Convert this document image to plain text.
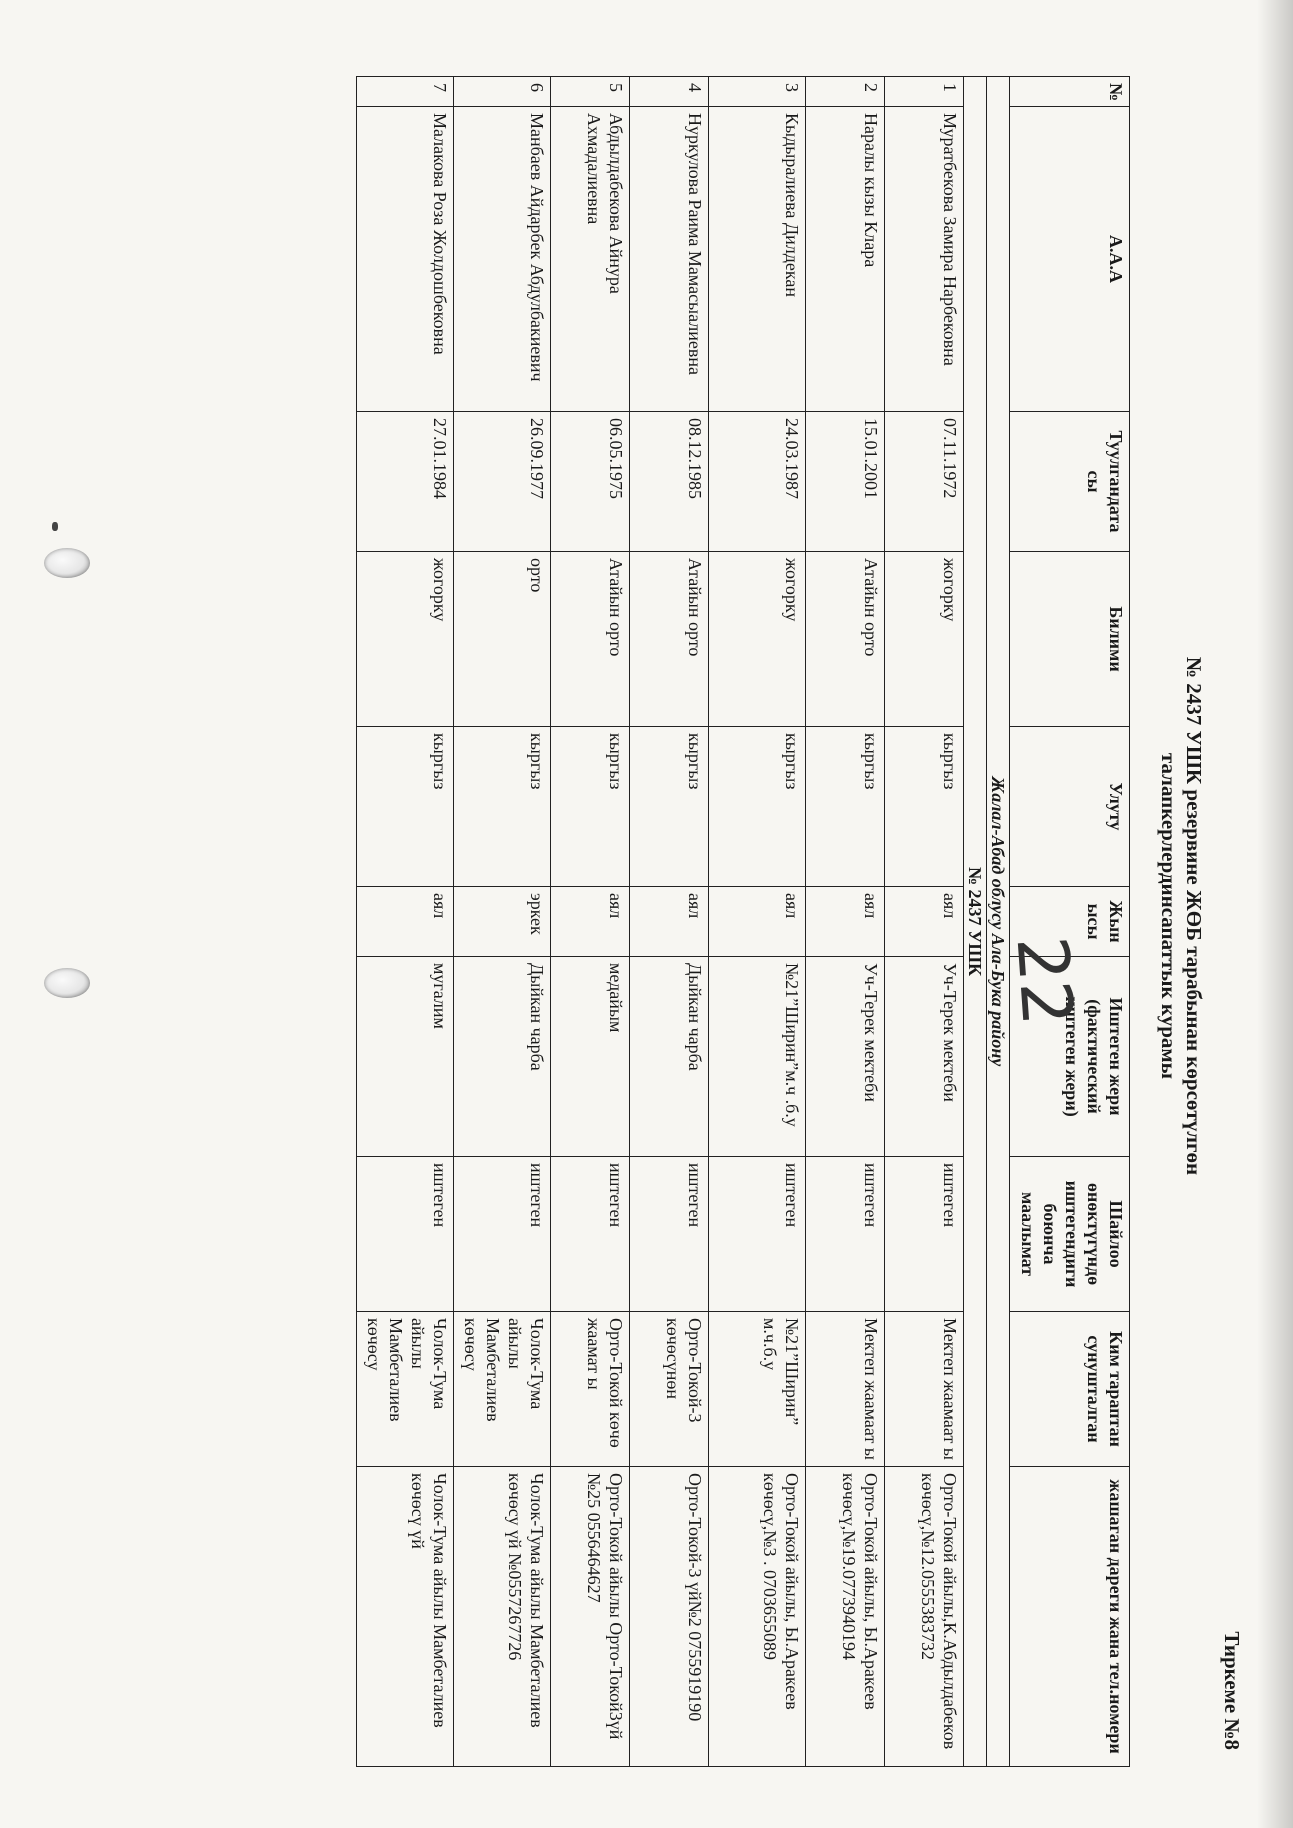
Тиркеме №8
№ 2437 УШК резервине ЖӨБ тарабынан көрсөтүлгөн
талапкерлердинсапаттык курамы
№	А.А.А	Туулгандата сы	Билими	Улуту	Жын ысы	Иштеген жери (фактический иштеген жери)	Шайлоо өнөктүгүндө иштегендиги боюнча маалымат	Ким тараптан сунушталган	жашаган дареги жана тел.номери
Жалал-Абад облусу Ала-Бука району									
№ 2437 УШК									
1	Муратбекова Замира Нарбековна	07.11.1972	жогорку	кыргыз	аял	Уч-Терек мектеби	иштеген	Мектеп жаамаат ы	Орто-Токой айылы,К.Абдылдабеков көчөсү,№12.0555383732
2	Наралы кызы Клара	15.01.2001	Атайын орто	кыргыз	аял	Уч-Терек мектеби	иштеген	Мектеп жаамаат ы	Орто-Токой айылы, Ы.Аракеев көчөсү,№19.0773940194
3	Кыдыралиева Дилдекан	24.03.1987	жогорку	кыргыз	аял	№21”Ширин”м.ч .б.у	иштеген	№21”Ширин” м.ч.б.у	Орто-Токой айылы, Ы.Аракеев көчөсү,№3 . 0703655089
4	Нуркулова Раима Мамасыалиевна	08.12.1985	Атайын орто	кыргыз	аял	Дыйкан чарба	иштеген	Орто-Токой-3 көчөсүнөн	Орто-Токой-3 үй№2 0755919190
5	Абдылдабекова Айнура Ахмадалиевна	06.05.1975	Атайын орто	кыргыз	аял	медайым	иштеген	Орто-Токой көчө жаамат ы	Орто-Токой айылы Орто-Токой3үй №25 0556464627
6	Манбаев Айдарбек Абдулбакиевич	26.09.1977	орто	кыргыз	эркек	Дыйкан чарба	иштеген	Чолок-Тума айылы Мамбеталиев көчөсү	Чолок-Тума айылы Мамбеталиев көчөсу үй №0557267726
7	Малакова Роза Жолдошбековна	27.01.1984	жогорку	кыргыз	аял	мугалим	иштеген	Чолок-Тума айылы Мамбеталиев көчөсу	Чолок-Тума айылы Мамбеталиев көчөсү үй
22
